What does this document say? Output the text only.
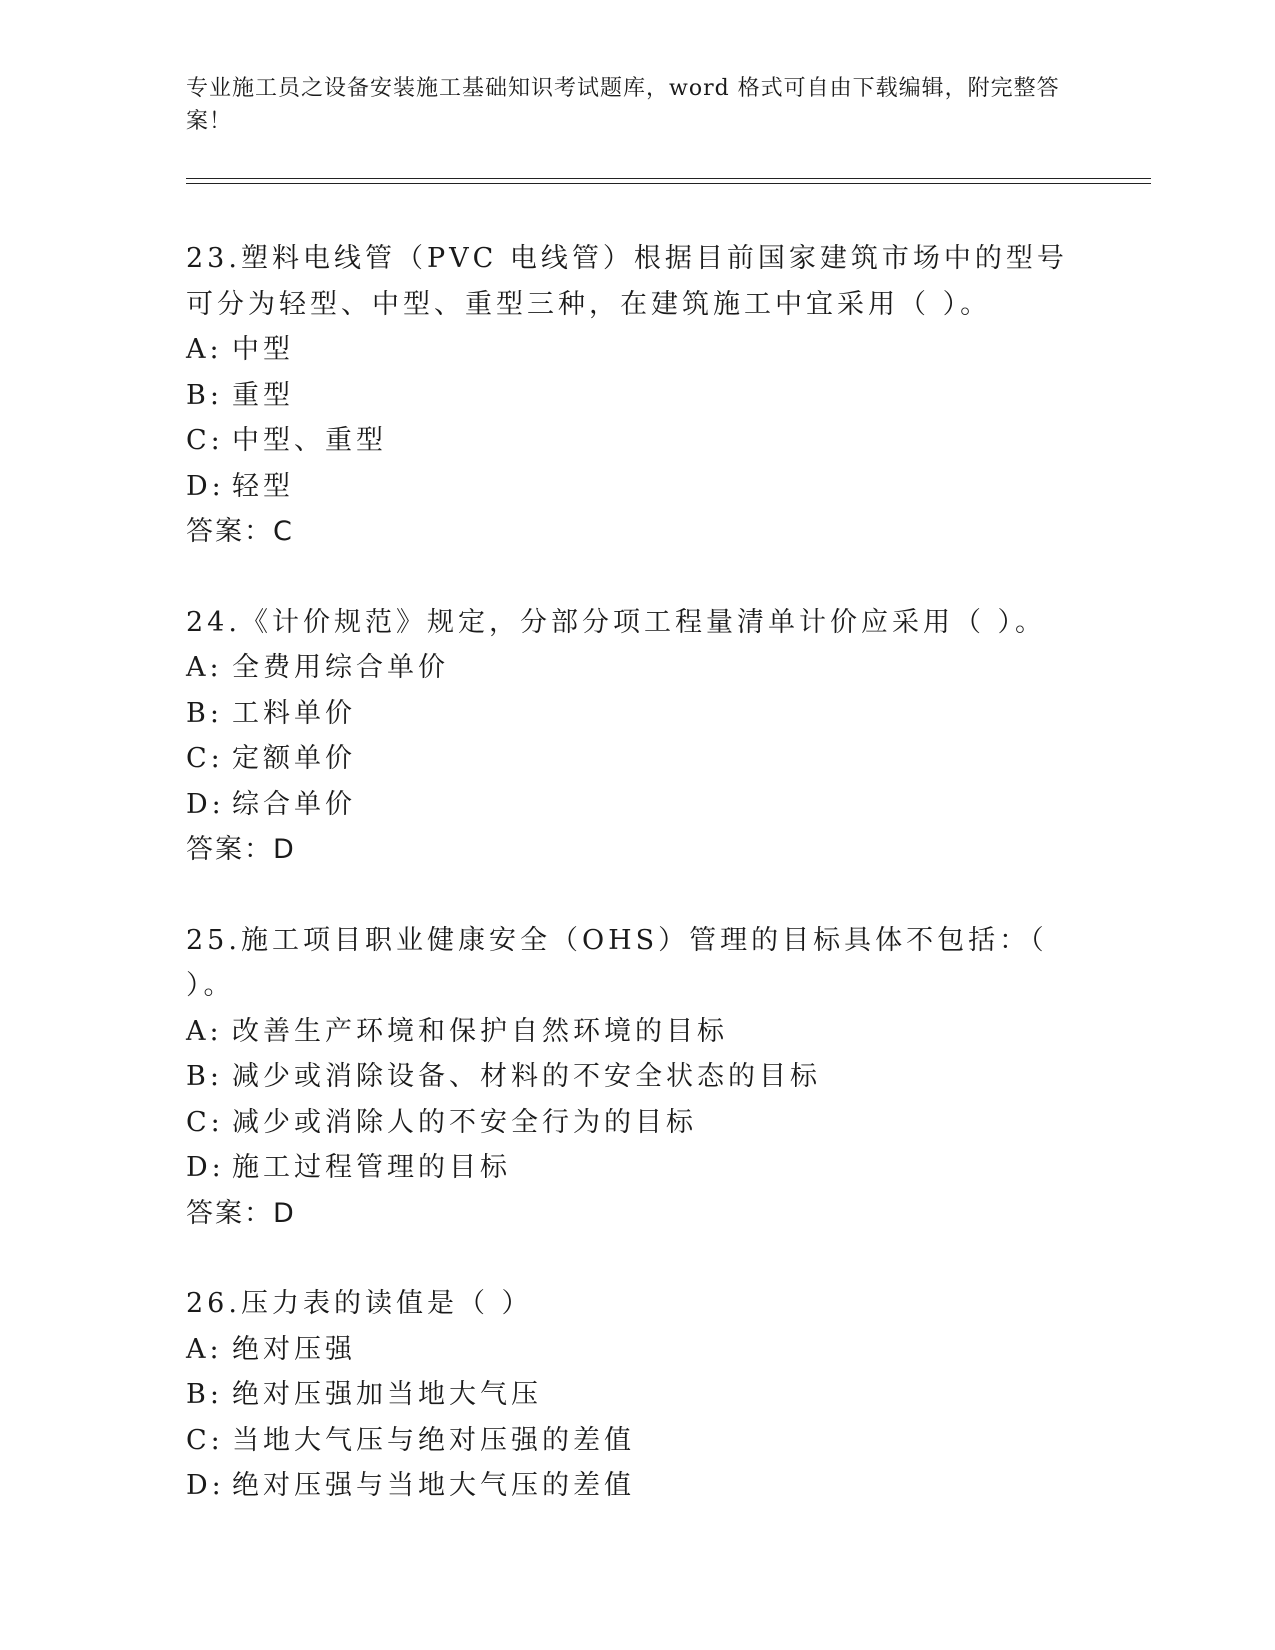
专业施工员之设备安装施工基础知识考试题库，word 格式可自由下载编辑，附完整答案！
23.塑料电线管（PVC 电线管）根据目前国家建筑市场中的型号可分为轻型、中型、重型三种，在建筑施工中宜采用（ ）。
A: 中型
B: 重型
C: 中型、重型
D: 轻型
答案：C
24.《计价规范》规定，分部分项工程量清单计价应采用（ ）。
A: 全费用综合单价
B: 工料单价
C: 定额单价
D: 综合单价
答案：D
25.施工项目职业健康安全（OHS）管理的目标具体不包括：（ ）。
A: 改善生产环境和保护自然环境的目标
B: 减少或消除设备、材料的不安全状态的目标
C: 减少或消除人的不安全行为的目标
D: 施工过程管理的目标
答案：D
26.压力表的读值是（ ）
A: 绝对压强
B: 绝对压强加当地大气压
C: 当地大气压与绝对压强的差值
D: 绝对压强与当地大气压的差值
